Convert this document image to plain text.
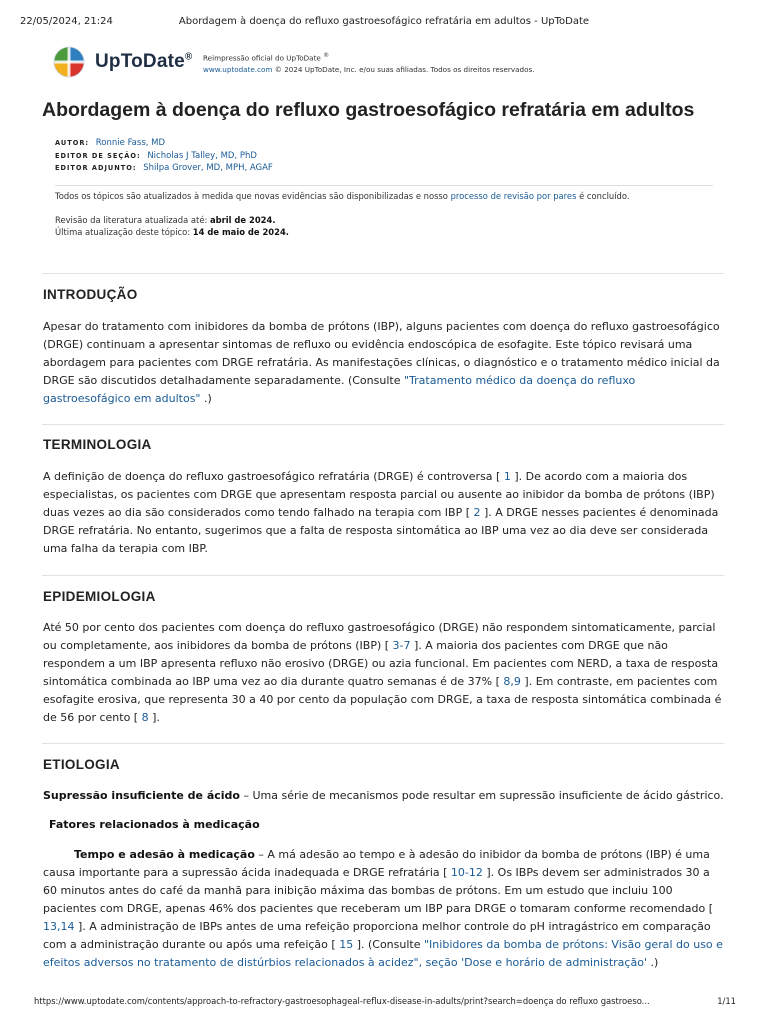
22/05/2024, 21:24	Abordagem à doença do refluxo gastroesofágico refratária em adultos - UpToDate
UpToDate® Reimpressão oficial do UpToDate ®
www.uptodate.com © 2024 UpToDate, Inc. e/ou suas afiliadas. Todos os direitos reservados.
Abordagem à doença do refluxo gastroesofágico refratária em adultos
AUTOR: Ronnie Fass, MD
EDITOR DE SEÇÃO: Nicholas J Talley, MD, PhD
EDITOR ADJUNTO: Shilpa Grover, MD, MPH, AGAF
Todos os tópicos são atualizados à medida que novas evidências são disponibilizadas e nosso processo de revisão por pares é concluído.
Revisão da literatura atualizada até: abril de 2024.
Última atualização deste tópico: 14 de maio de 2024.
INTRODUÇÃO

Apesar do tratamento com inibidores da bomba de prótons (IBP), alguns pacientes com doença do refluxo gastroesofágico (DRGE) continuam a apresentar sintomas de refluxo ou evidência endoscópica de esofagite. Este tópico revisará uma abordagem para pacientes com DRGE refratária. As manifestações clínicas, o diagnóstico e o tratamento médico inicial da DRGE são discutidos detalhadamente separadamente. (Consulte "Tratamento médico da doença do refluxo gastroesofágico em adultos" .)

TERMINOLOGIA

A definição de doença do refluxo gastroesofágico refratária (DRGE) é controversa [ 1 ]. De acordo com a maioria dos especialistas, os pacientes com DRGE que apresentam resposta parcial ou ausente ao inibidor da bomba de prótons (IBP) duas vezes ao dia são considerados como tendo falhado na terapia com IBP [ 2 ]. A DRGE nesses pacientes é denominada DRGE refratária. No entanto, sugerimos que a falta de resposta sintomática ao IBP uma vez ao dia deve ser considerada uma falha da terapia com IBP.

EPIDEMIOLOGIA

Até 50 por cento dos pacientes com doença do refluxo gastroesofágico (DRGE) não respondem sintomaticamente, parcial ou completamente, aos inibidores da bomba de prótons (IBP) [ 3-7 ]. A maioria dos pacientes com DRGE que não respondem a um IBP apresenta refluxo não erosivo (DRGE) ou azia funcional. Em pacientes com NERD, a taxa de resposta sintomática combinada ao IBP uma vez ao dia durante quatro semanas é de 37% [ 8,9 ]. Em contraste, em pacientes com esofagite erosiva, que representa 30 a 40 por cento da população com DRGE, a taxa de resposta sintomática combinada é de 56 por cento [ 8 ].

ETIOLOGIA

Supressão insuficiente de ácido – Uma série de mecanismos pode resultar em supressão insuficiente de ácido gástrico.

Fatores relacionados à medicação

Tempo e adesão à medicação – A má adesão ao tempo e à adesão do inibidor da bomba de prótons (IBP) é uma causa importante para a supressão ácida inadequada e DRGE refratária [ 10-12 ]. Os IBPs devem ser administrados 30 a 60 minutos antes do café da manhã para inibição máxima das bombas de prótons. Em um estudo que incluiu 100 pacientes com DRGE, apenas 46% dos pacientes que receberam um IBP para DRGE o tomaram conforme recomendado [ 13,14 ]. A administração de IBPs antes de uma refeição proporciona melhor controle do pH intragástrico em comparação com a administração durante ou após uma refeição [ 15 ]. (Consulte "Inibidores da bomba de prótons: Visão geral do uso e efeitos adversos no tratamento de distúrbios relacionados à acidez", seção 'Dose e horário de administração' .)

https://www.uptodate.com/contents/approach-to-refractory-gastroesophageal-reflux-disease-in-adults/print?search=doença do refluxo gastroeso...	1/11
